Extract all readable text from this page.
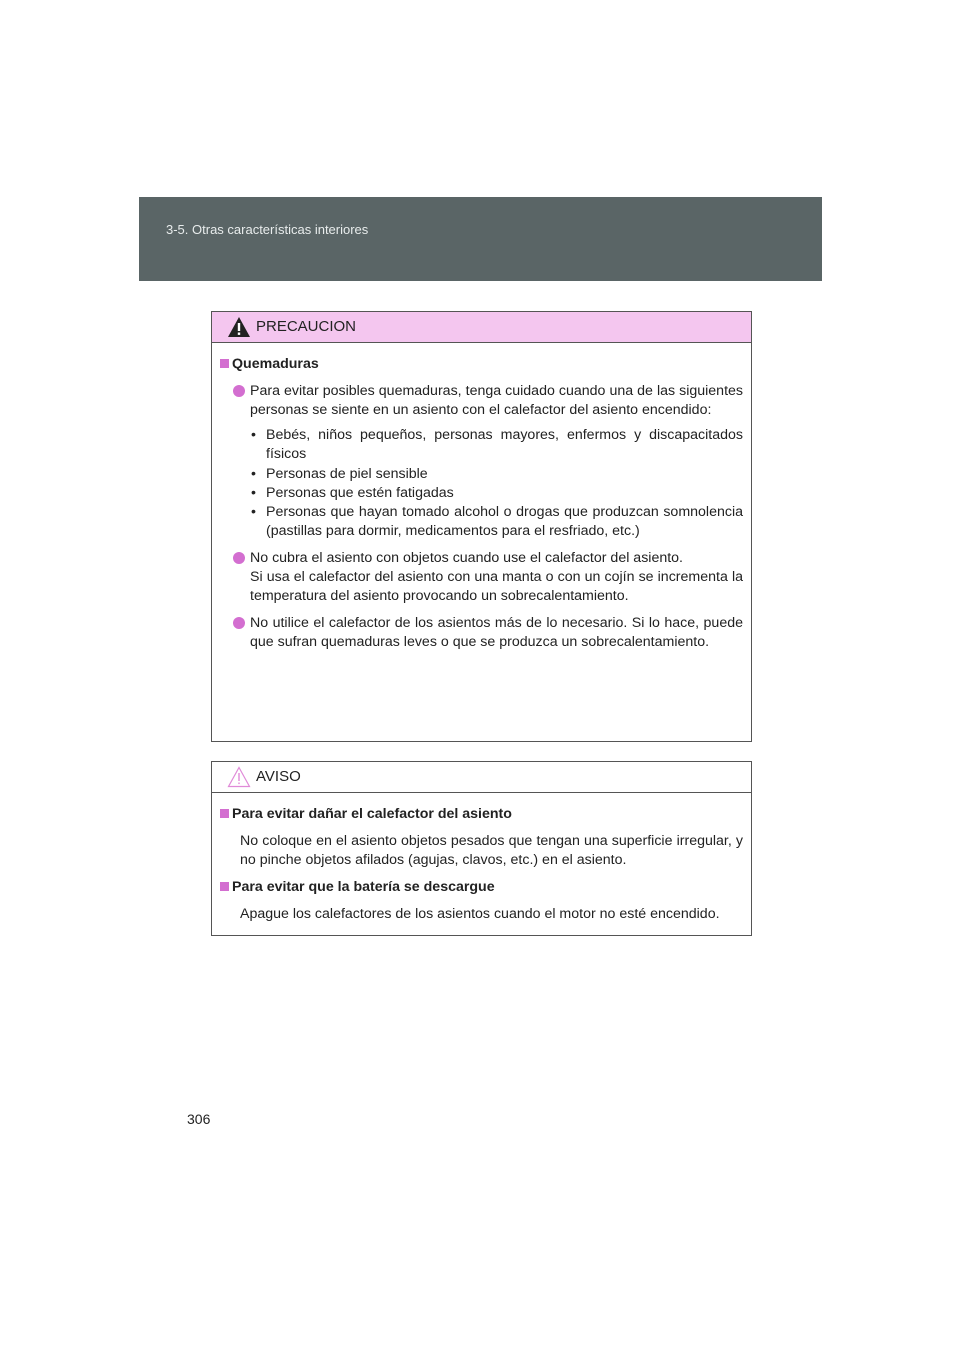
3-5. Otras características interiores
PRECAUCION
Quemaduras

Para evitar posibles quemaduras, tenga cuidado cuando una de las siguientes personas se siente en un asiento con el calefactor del asiento encendido:

• Bebés, niños pequeños, personas mayores, enfermos y discapacitados físicos
• Personas de piel sensible
• Personas que estén fatigadas
• Personas que hayan tomado alcohol o drogas que produzcan somnolencia (pastillas para dormir, medicamentos para el resfriado, etc.)

No cubra el asiento con objetos cuando use el calefactor del asiento.

Si usa el calefactor del asiento con una manta o con un cojín se incrementa la temperatura del asiento provocando un sobrecalentamiento.

No utilice el calefactor de los asientos más de lo necesario. Si lo hace, puede que sufran quemaduras leves o que se produzca un sobrecalentamiento.

AVISO
Para evitar dañar el calefactor del asiento

No coloque en el asiento objetos pesados que tengan una superficie irregular, y no pinche objetos afilados (agujas, clavos, etc.) en el asiento.

Para evitar que la batería se descargue

Apague los calefactores de los asientos cuando el motor no esté encendido.

306
